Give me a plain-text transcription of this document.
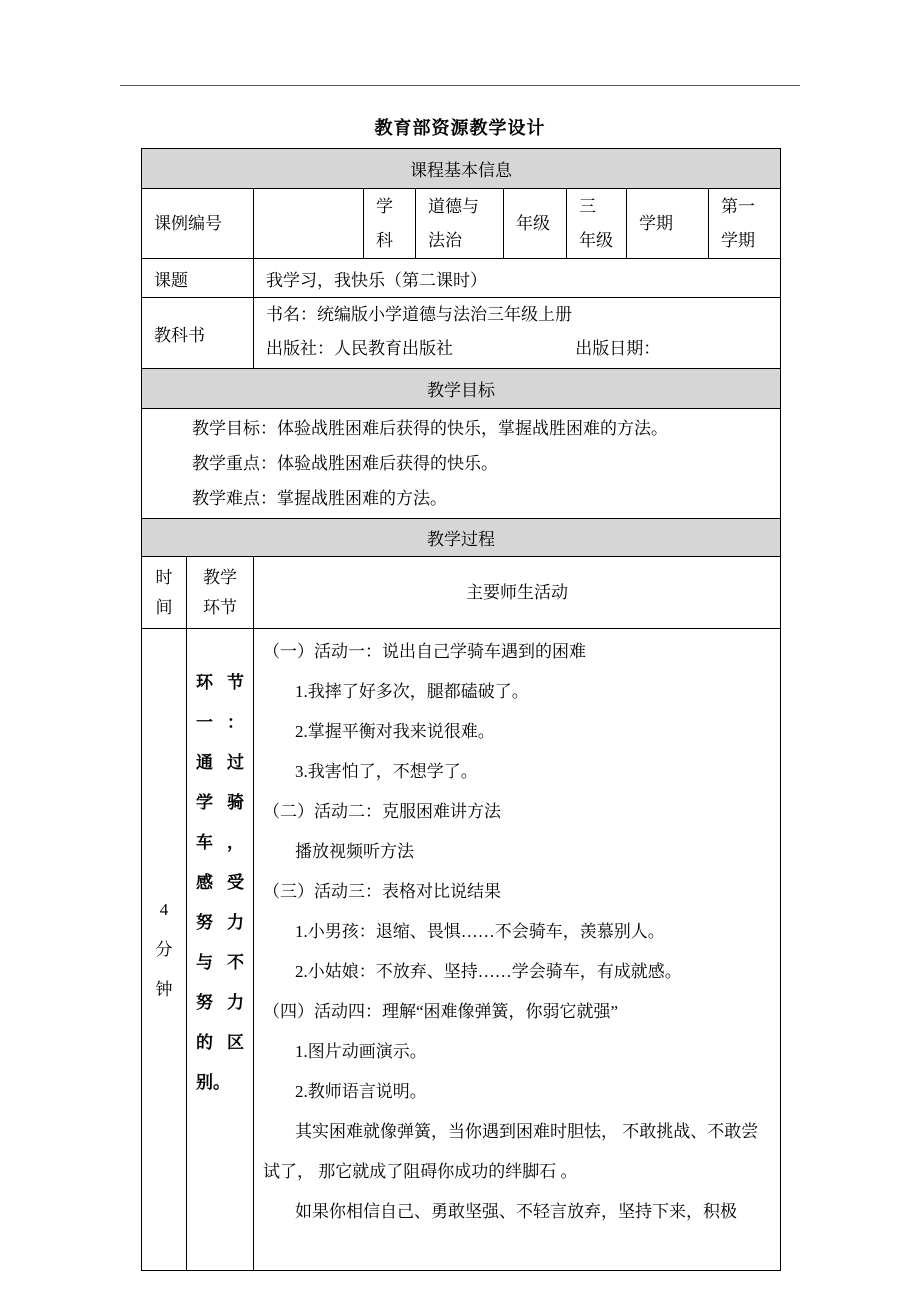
教育部资源教学设计
课程基本信息
课例编号
学科
道德与法治
年级
三
年级
学期
第一学期
课题	我学习，我快乐（第二课时）
教科书
书名：统编版小学道德与法治三年级上册
出版社：人民教育出版社	出版日期：
教学目标

教学目标：体验战胜困难后获得的快乐，掌握战胜困难的方法。

教学重点：体验战胜困难后获得的快乐。

教学难点：掌握战胜困难的方法。

教学过程
时间
教学环节
主要师生活动
4分钟
环节一：通过学骑车，感受努力与不努力的区别。

（一）活动一：说出自己学骑车遇到的困难

1.我摔了好多次，腿都磕破了。

2.掌握平衡对我来说很难。

3.我害怕了，不想学了。

（二）活动二：克服困难讲方法

播放视频听方法

（三）活动三：表格对比说结果

1.小男孩：退缩、畏惧……不会骑车，羡慕别人。

2.小姑娘：不放弃、坚持……学会骑车，有成就感。

（四）活动四：理解“困难像弹簧，你弱它就强”

1.图片动画演示。

2.教师语言说明。

其实困难就像弹簧，当你遇到困难时胆怯， 不敢挑战、不敢尝试了， 那它就成了阻碍你成功的绊脚石 。

如果你相信自己、勇敢坚强、不轻言放弃，坚持下来，积极
